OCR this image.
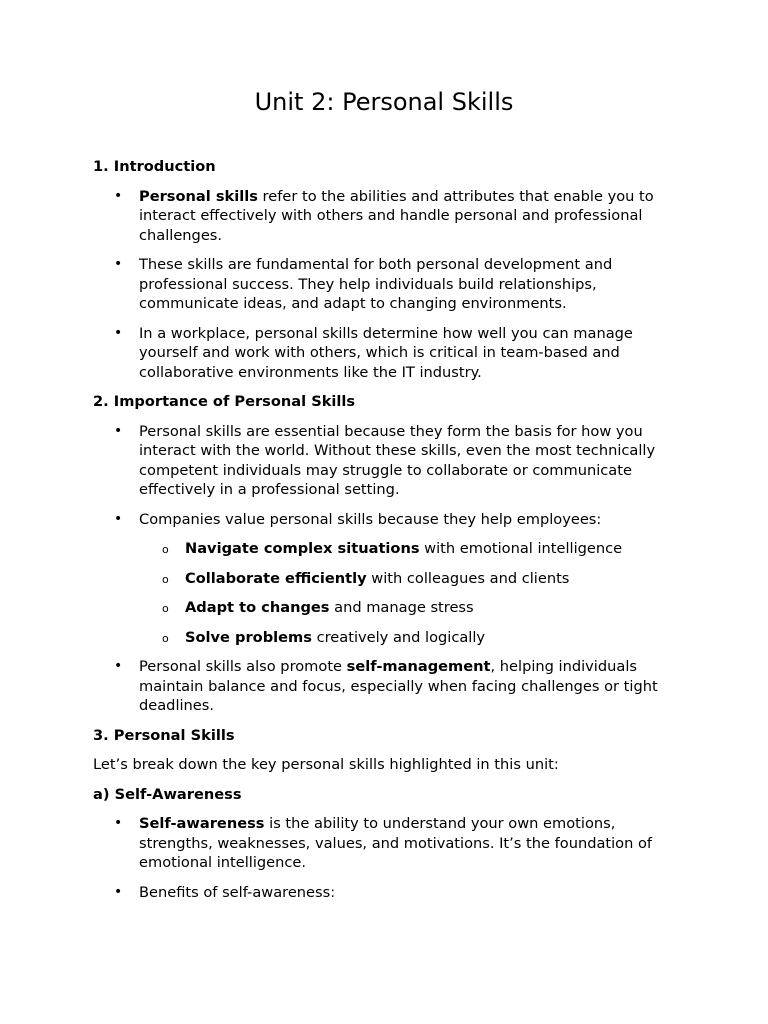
Unit 2: Personal Skills

1. Introduction

• Personal skills refer to the abilities and attributes that enable you to interact effectively with others and handle personal and professional challenges.
• These skills are fundamental for both personal development and professional success. They help individuals build relationships, communicate ideas, and adapt to changing environments.
• In a workplace, personal skills determine how well you can manage yourself and work with others, which is critical in team-based and collaborative environments like the IT industry.

2. Importance of Personal Skills

• Personal skills are essential because they form the basis for how you interact with the world. Without these skills, even the most technically competent individuals may struggle to collaborate or communicate effectively in a professional setting.
• Companies value personal skills because they help employees:
o Navigate complex situations with emotional intelligence
o Collaborate efficiently with colleagues and clients
o Adapt to changes and manage stress
o Solve problems creatively and logically
• Personal skills also promote self-management, helping individuals maintain balance and focus, especially when facing challenges or tight deadlines.

3. Personal Skills

Let’s break down the key personal skills highlighted in this unit:

a) Self-Awareness

• Self-awareness is the ability to understand your own emotions, strengths, weaknesses, values, and motivations. It’s the foundation of emotional intelligence.
• Benefits of self-awareness:
